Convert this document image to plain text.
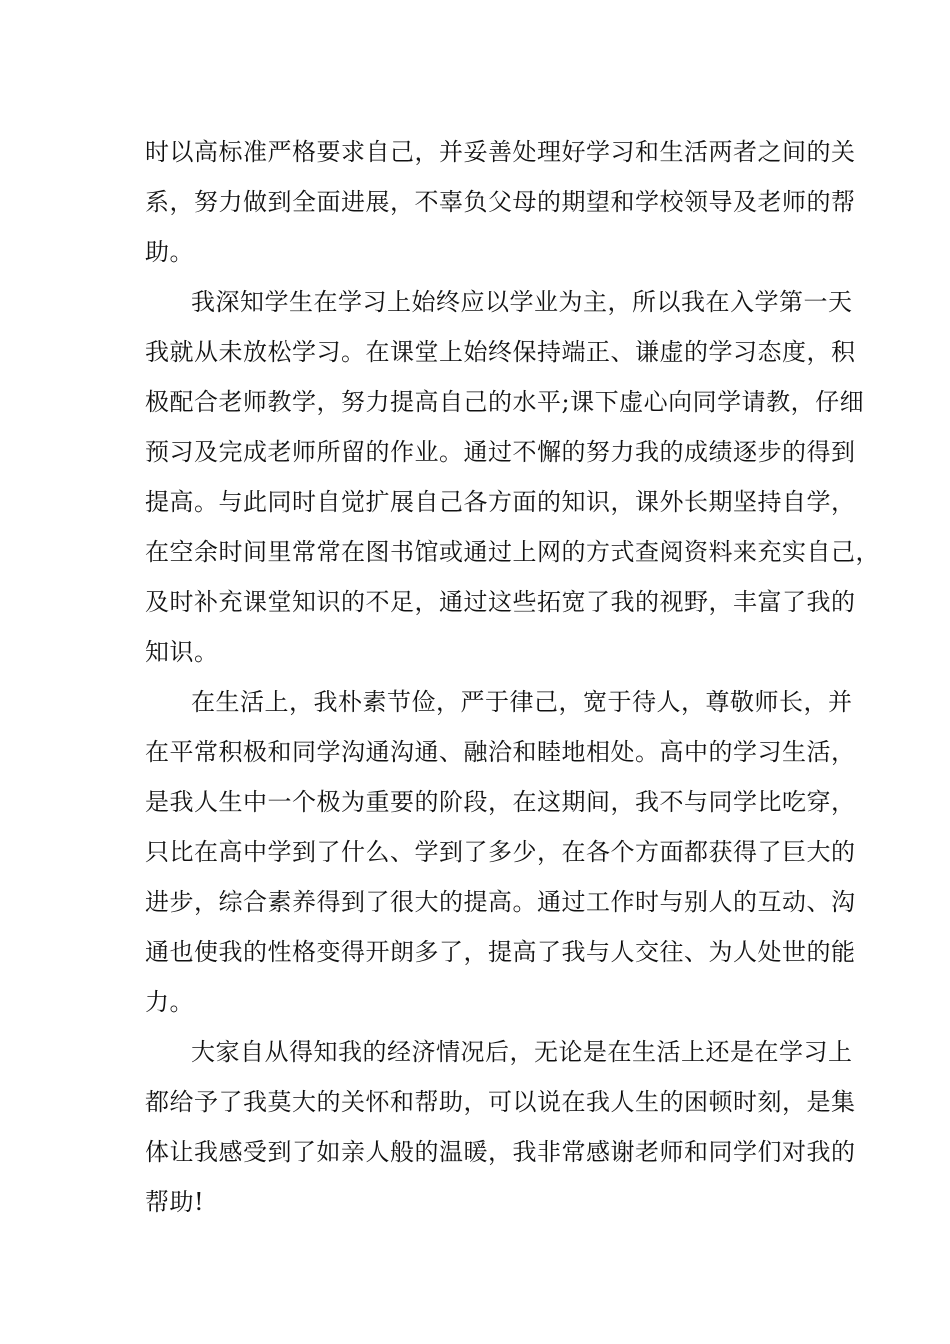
时以高标准严格要求自己，并妥善处理好学习和生活两者之间的关
系，努力做到全面进展，不辜负父母的期望和学校领导及老师的帮
助。
我深知学生在学习上始终应以学业为主，所以我在入学第一天
我就从未放松学习。在课堂上始终保持端正、谦虚的学习态度，积
极配合老师教学，努力提高自己的水平;课下虚心向同学请教，仔细
预习及完成老师所留的作业。通过不懈的努力我的成绩逐步的得到
提高。与此同时自觉扩展自己各方面的知识，课外长期坚持自学，
在空余时间里常常在图书馆或通过上网的方式查阅资料来充实自己，
及时补充课堂知识的不足，通过这些拓宽了我的视野，丰富了我的
知识。
在生活上，我朴素节俭，严于律己，宽于待人，尊敬师长，并
在平常积极和同学沟通沟通、融洽和睦地相处。高中的学习生活，
是我人生中一个极为重要的阶段，在这期间，我不与同学比吃穿，
只比在高中学到了什么、学到了多少，在各个方面都获得了巨大的
进步，综合素养得到了很大的提高。通过工作时与别人的互动、沟
通也使我的性格变得开朗多了，提高了我与人交往、为人处世的能
力。
大家自从得知我的经济情况后，无论是在生活上还是在学习上
都给予了我莫大的关怀和帮助，可以说在我人生的困顿时刻，是集
体让我感受到了如亲人般的温暖，我非常感谢老师和同学们对我的
帮助!
